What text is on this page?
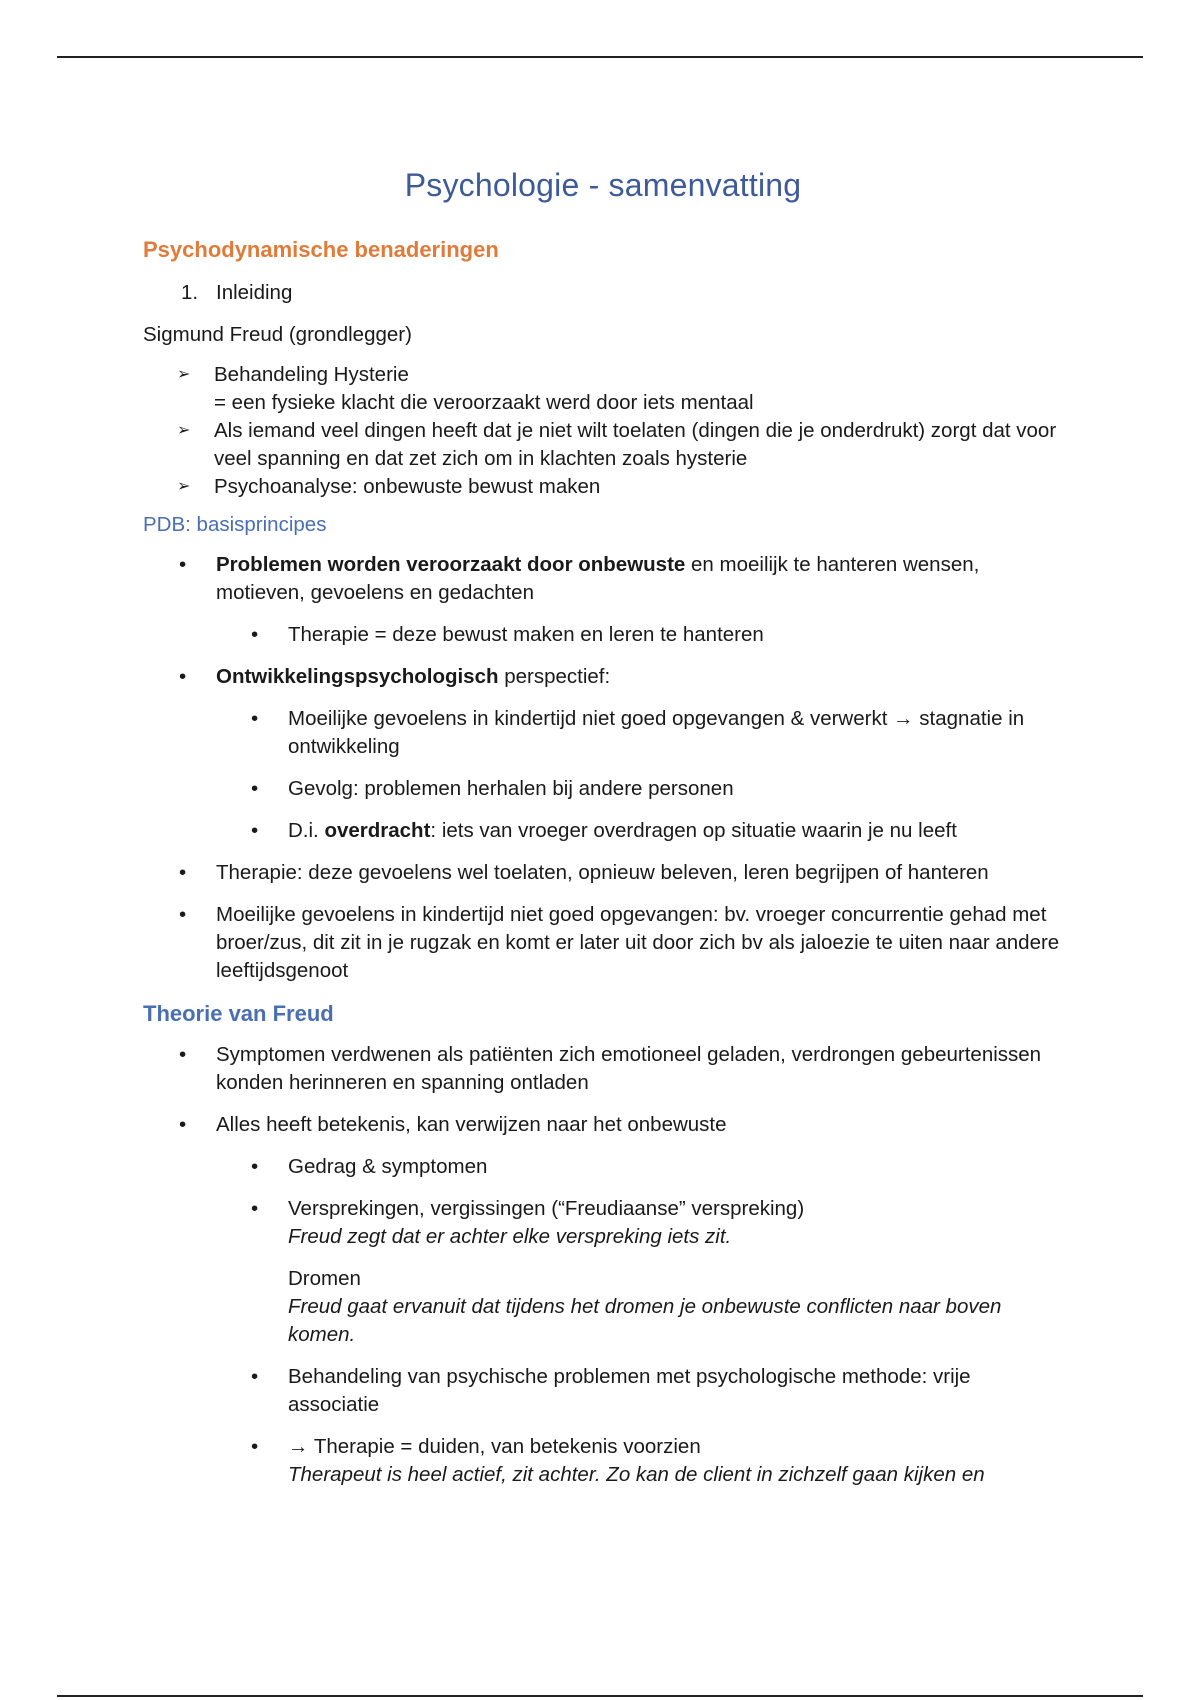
Psychologie - samenvatting
Psychodynamische benaderingen
1. Inleiding

Sigmund Freud (grondlegger)

➢	Behandeling Hysterie

= een fysieke klacht die veroorzaakt werd door iets mentaal

➢	Als iemand veel dingen heeft dat je niet wilt toelaten (dingen die je onderdrukt) zorgt dat voor veel spanning en dat zet zich om in klachten zoals hysterie

➢	Psychoanalyse: onbewuste bewust maken

PDB: basisprincipes
•	Problemen worden veroorzaakt door onbewuste en moeilijk te hanteren wensen, motieven, gevoelens en gedachten

•	Therapie = deze bewust maken en leren te hanteren

•	Ontwikkelingspsychologisch perspectief:

•	Moeilijke gevoelens in kindertijd niet goed opgevangen & verwerkt → stagnatie in ontwikkeling

•	Gevolg: problemen herhalen bij andere personen

•	D.i. overdracht: iets van vroeger overdragen op situatie waarin je nu leeft

•	Therapie: deze gevoelens wel toelaten, opnieuw beleven, leren begrijpen of hanteren

•	Moeilijke gevoelens in kindertijd niet goed opgevangen: bv. vroeger concurrentie gehad met broer/zus, dit zit in je rugzak en komt er later uit door zich bv als jaloezie te uiten naar andere leeftijdsgenoot

Theorie van Freud
•	Symptomen verdwenen als patiënten zich emotioneel geladen, verdrongen gebeurtenissen konden herinneren en spanning ontladen

•	Alles heeft betekenis, kan verwijzen naar het onbewuste

•	Gedrag & symptomen

•	Versprekingen, vergissingen (“Freudiaanse” verspreking)

Freud zegt dat er achter elke verspreking iets zit.

Dromen

Freud gaat ervanuit dat tijdens het dromen je onbewuste conflicten naar boven komen.

•	Behandeling van psychische problemen met psychologische methode: vrije associatie

•	→ Therapie = duiden, van betekenis voorzien

Therapeut is heel actief, zit achter. Zo kan de client in zichzelf gaan kijken en
